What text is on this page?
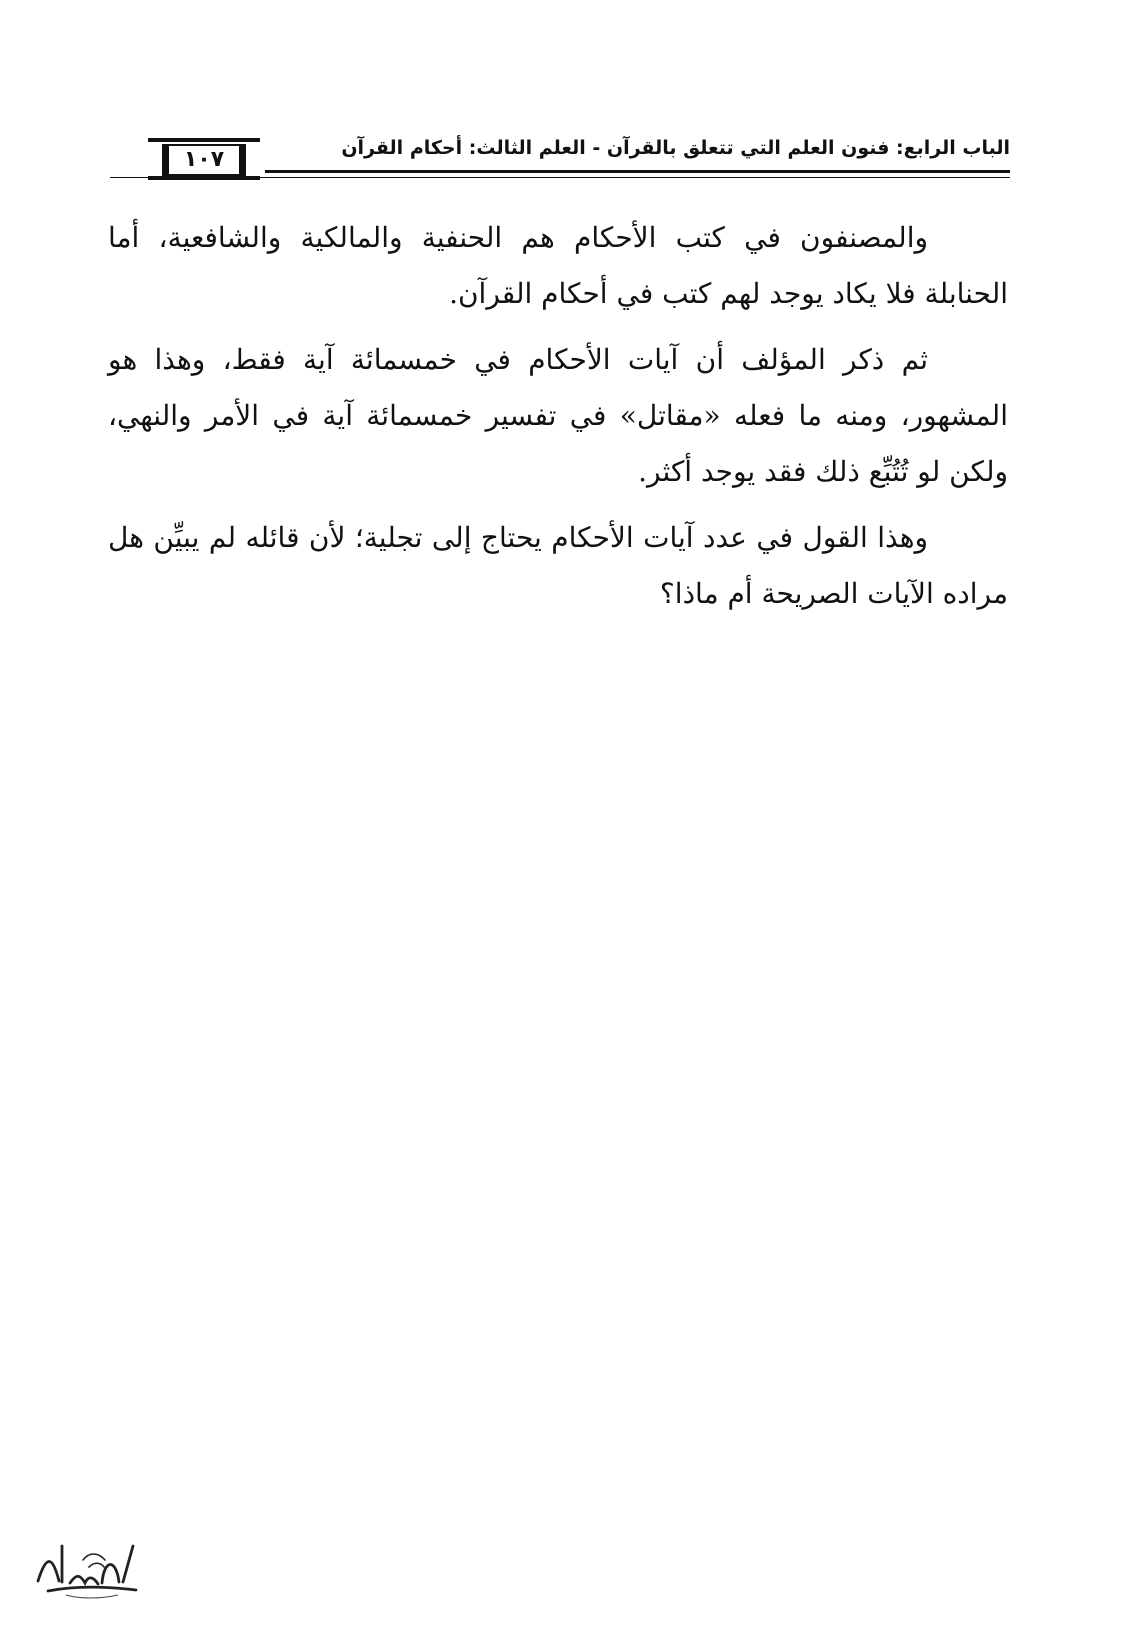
الباب الرابع: فنون العلم التي تتعلق بالقرآن - العلم الثالث: أحكام القرآن
١٠٧

والمصنفون في كتب الأحكام هم الحنفية والمالكية والشافعية، أما الحنابلة فلا يكاد يوجد لهم كتب في أحكام القرآن.

ثم ذكر المؤلف أن آيات الأحكام في خمسمائة آية فقط، وهذا هو المشهور، ومنه ما فعله «مقاتل» في تفسير خمسمائة آية في الأمر والنهي، ولكن لو تُتُبِّع ذلك فقد يوجد أكثر.

وهذا القول في عدد آيات الأحكام يحتاج إلى تجلية؛ لأن قائله لم يبيِّن هل مراده الآيات الصريحة أم ماذا؟
